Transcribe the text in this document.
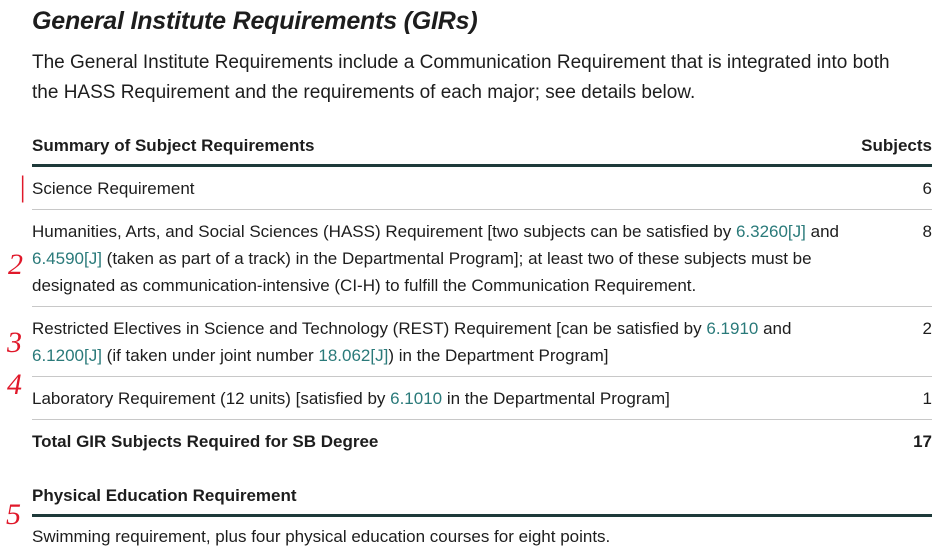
General Institute Requirements (GIRs)

The General Institute Requirements include a Communication Requirement that is integrated into both the HASS Requirement and the requirements of each major; see details below.

Summary of Subject Requirements	Subjects
Science Requirement	6
Humanities, Arts, and Social Sciences (HASS) Requirement [two subjects can be satisfied by 6.3260[J] and 6.4590[J] (taken as part of a track) in the Departmental Program]; at least two of these subjects must be designated as communication-intensive (CI-H) to fulfill the Communication Requirement.	8
Restricted Electives in Science and Technology (REST) Requirement [can be satisfied by 6.1910 and 6.1200[J] (if taken under joint number 18.062[J]) in the Department Program]	2
Laboratory Requirement (12 units) [satisfied by 6.1010 in the Departmental Program]	1
Total GIR Subjects Required for SB Degree	17
Physical Education Requirement
Swimming requirement, plus four physical education courses for eight points.
|
2
3
4
5
